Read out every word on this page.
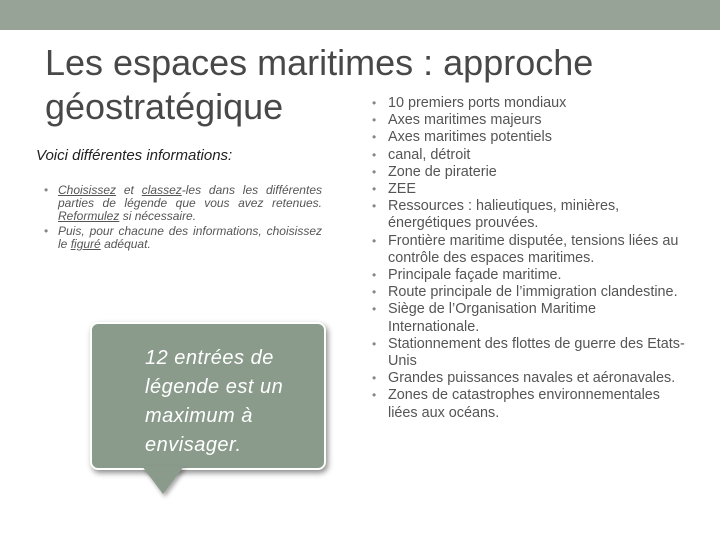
Les espaces maritimes : approche
géostratégique
Voici différentes informations:
• Choisissez et classez-les dans les différentes parties de légende que vous avez retenues. Reformulez si nécessaire.
• Puis, pour chacune des informations, choisissez le figuré adéquat.
12 entrées de légende est un maximum à envisager.
• 10 premiers ports mondiaux
• Axes maritimes majeurs
• Axes maritimes potentiels
• canal, détroit
• Zone de piraterie
• ZEE
• Ressources : halieutiques, minières, énergétiques prouvées.
• Frontière maritime disputée, tensions liées au contrôle des espaces maritimes.
• Principale façade maritime.
• Route principale de l’immigration clandestine.
• Siège de l’Organisation Maritime Internationale.
• Stationnement des flottes de guerre des Etats-Unis
• Grandes puissances navales et aéronavales.
• Zones de catastrophes environnementales liées aux océans.
